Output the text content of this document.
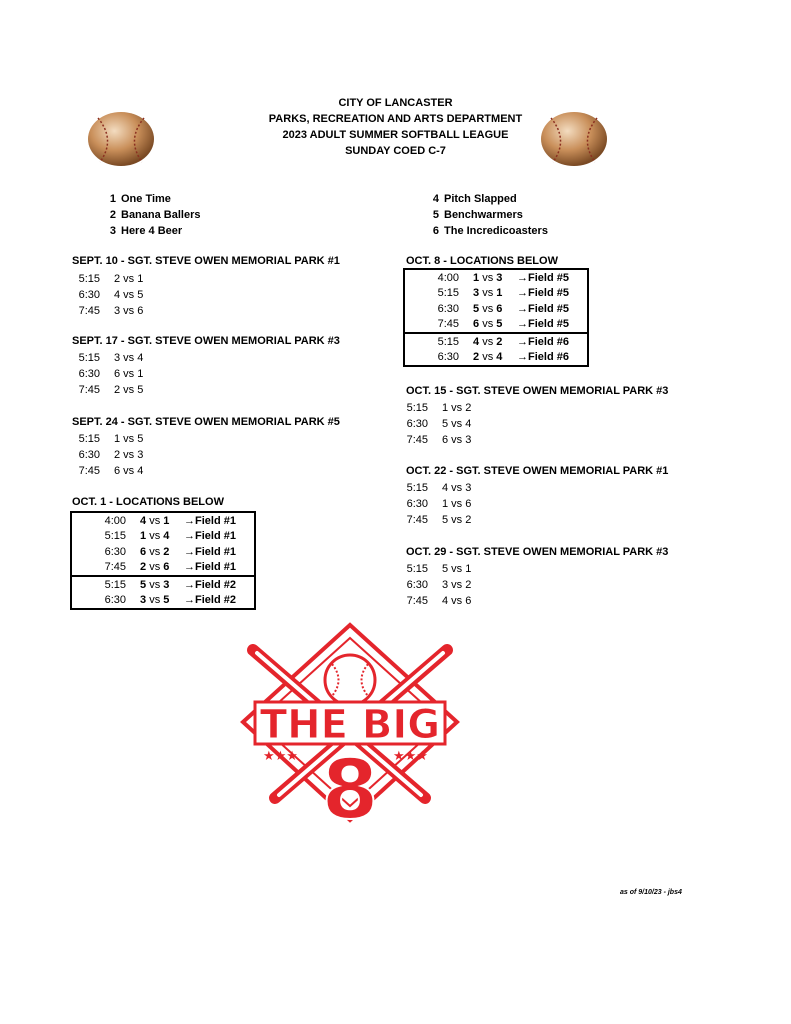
CITY OF LANCASTER
PARKS, RECREATION AND ARTS DEPARTMENT
2023 ADULT SUMMER SOFTBALL LEAGUE
SUNDAY COED C-7
1 One Time
2 Banana Ballers
3 Here 4 Beer
4 Pitch Slapped
5 Benchwarmers
6 The Incredicoasters
SEPT. 10 - SGT. STEVE OWEN MEMORIAL PARK #1
5:15 2 vs 1
6:30 4 vs 5
7:45 3 vs 6
SEPT. 17 - SGT. STEVE OWEN MEMORIAL PARK #3
5:15 3 vs 4
6:30 6 vs 1
7:45 2 vs 5
SEPT. 24 - SGT. STEVE OWEN MEMORIAL PARK #5
5:15 1 vs 5
6:30 2 vs 3
7:45 6 vs 4
OCT. 1 - LOCATIONS BELOW
4:00 4 vs 1	→Field #1
5:15 1 vs 4	→Field #1
6:30 6 vs 2	→Field #1
7:45 2 vs 6	→Field #1
5:15 5 vs 3	→Field #2
6:30 3 vs 5	→Field #2
OCT. 8 - LOCATIONS BELOW
4:00 1 vs 3	→Field #5
5:15 3 vs 1	→Field #5
6:30 5 vs 6	→Field #5
7:45 6 vs 5	→Field #5
5:15 4 vs 2	→Field #6
6:30 2 vs 4	→Field #6
OCT. 15 - SGT. STEVE OWEN MEMORIAL PARK #3
5:15 1 vs 2
6:30 5 vs 4
7:45 6 vs 3
OCT. 22 - SGT. STEVE OWEN MEMORIAL PARK #1
5:15 4 vs 3
6:30 1 vs 6
7:45 5 vs 2
OCT. 29 - SGT. STEVE OWEN MEMORIAL PARK #3
5:15 5 vs 1
6:30 3 vs 2
7:45 4 vs 6
THE BIG
★★★	★★★
8
as of 9/10/23 - jbs4
